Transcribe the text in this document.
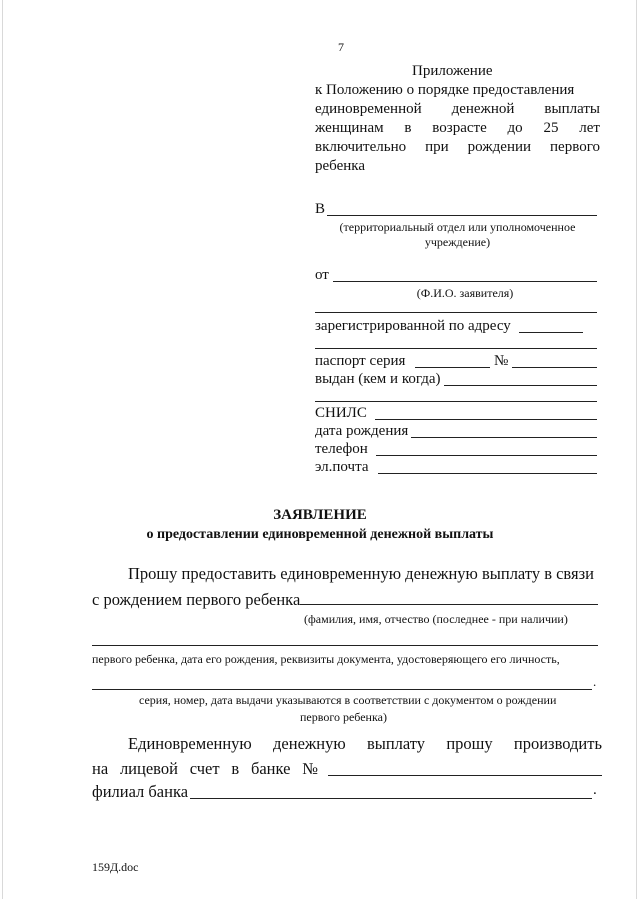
7
Приложение
к Положению о порядке предоставления
единовременной денежной выплаты
женщинам в возрасте до 25 лет
включительно при рождении первого
ребенка
В
(территориальный отдел или уполномоченное
учреждение)
от
(Ф.И.О. заявителя)
зарегистрированной по адресу
паспорт серия	№
выдан (кем и когда)
СНИЛС
дата рождения
телефон
эл.почта
ЗАЯВЛЕНИЕ
о предоставлении единовременной денежной выплаты
Прошу предоставить единовременную денежную выплату в связи
с рождением первого ребенка
(фамилия, имя, отчество (последнее - при наличии)
первого ребенка, дата его рождения, реквизиты документа, удостоверяющего его личность,
.
серия, номер, дата выдачи указываются в соответствии с документом о рождении
первого ребенка)
Единовременную денежную выплату прошу производить
на лицевой счет в банке №
филиал банка	.
159Д.doc
